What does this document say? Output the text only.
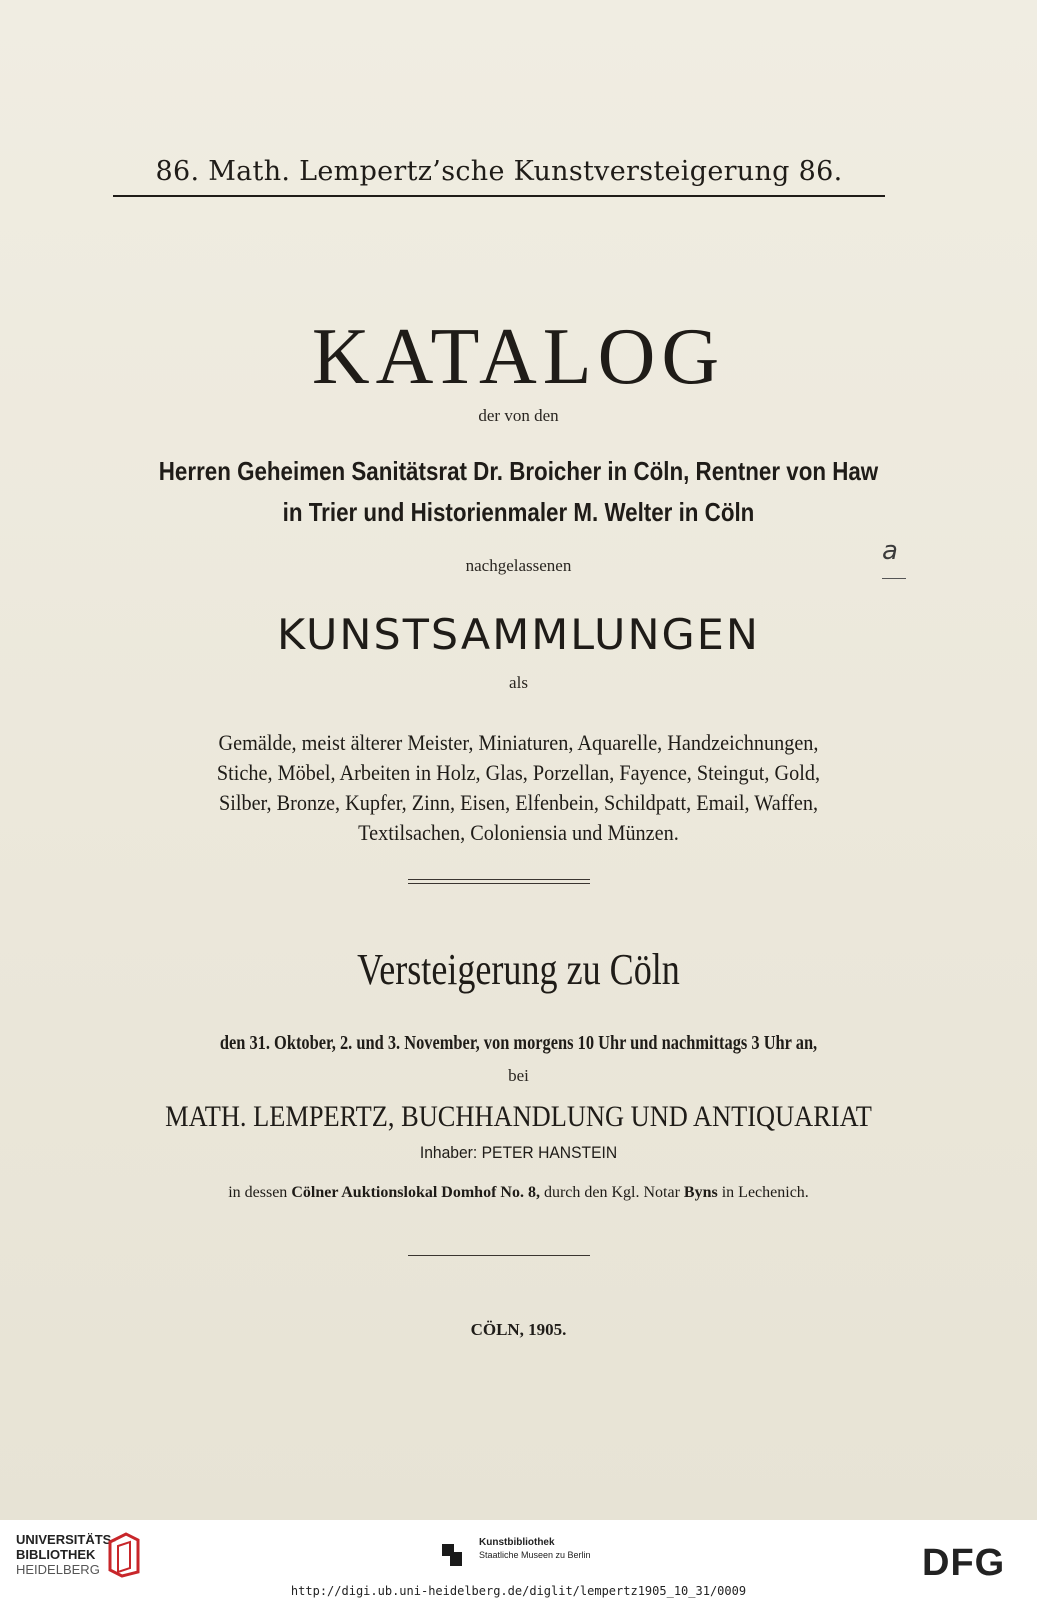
86. Math. Lempertz’sche Kunstversteigerung 86.
KATALOG
der von den
Herren Geheimen Sanitätsrat Dr. Broicher in Cöln, Rentner von Haw
in Trier und Historienmaler M. Welter in Cöln
nachgelassenen
KUNSTSAMMLUNGEN
als
Gemälde, meist älterer Meister, Miniaturen, Aquarelle, Handzeichnungen,
Stiche, Möbel, Arbeiten in Holz, Glas, Porzellan, Fayence, Steingut, Gold,
Silber, Bronze, Kupfer, Zinn, Eisen, Elfenbein, Schildpatt, Email, Waffen,
Textilsachen, Coloniensia und Münzen.
Versteigerung zu Cöln
den 31. Oktober, 2. und 3. November, von morgens 10 Uhr und nachmittags 3 Uhr an,
bei
MATH. LEMPERTZ, BUCHHANDLUNG UND ANTIQUARIAT
Inhaber: PETER HANSTEIN
in dessen Cölner Auktionslokal Domhof No. 8, durch den Kgl. Notar Byns in Lechenich.
CÖLN, 1905.
a
UNIVERSITÄTS-
BIBLIOTHEK
HEIDELBERG
Kunstbibliothek
Staatliche Museen zu Berlin	DFG
http://digi.ub.uni-heidelberg.de/diglit/lempertz1905_10_31/0009
